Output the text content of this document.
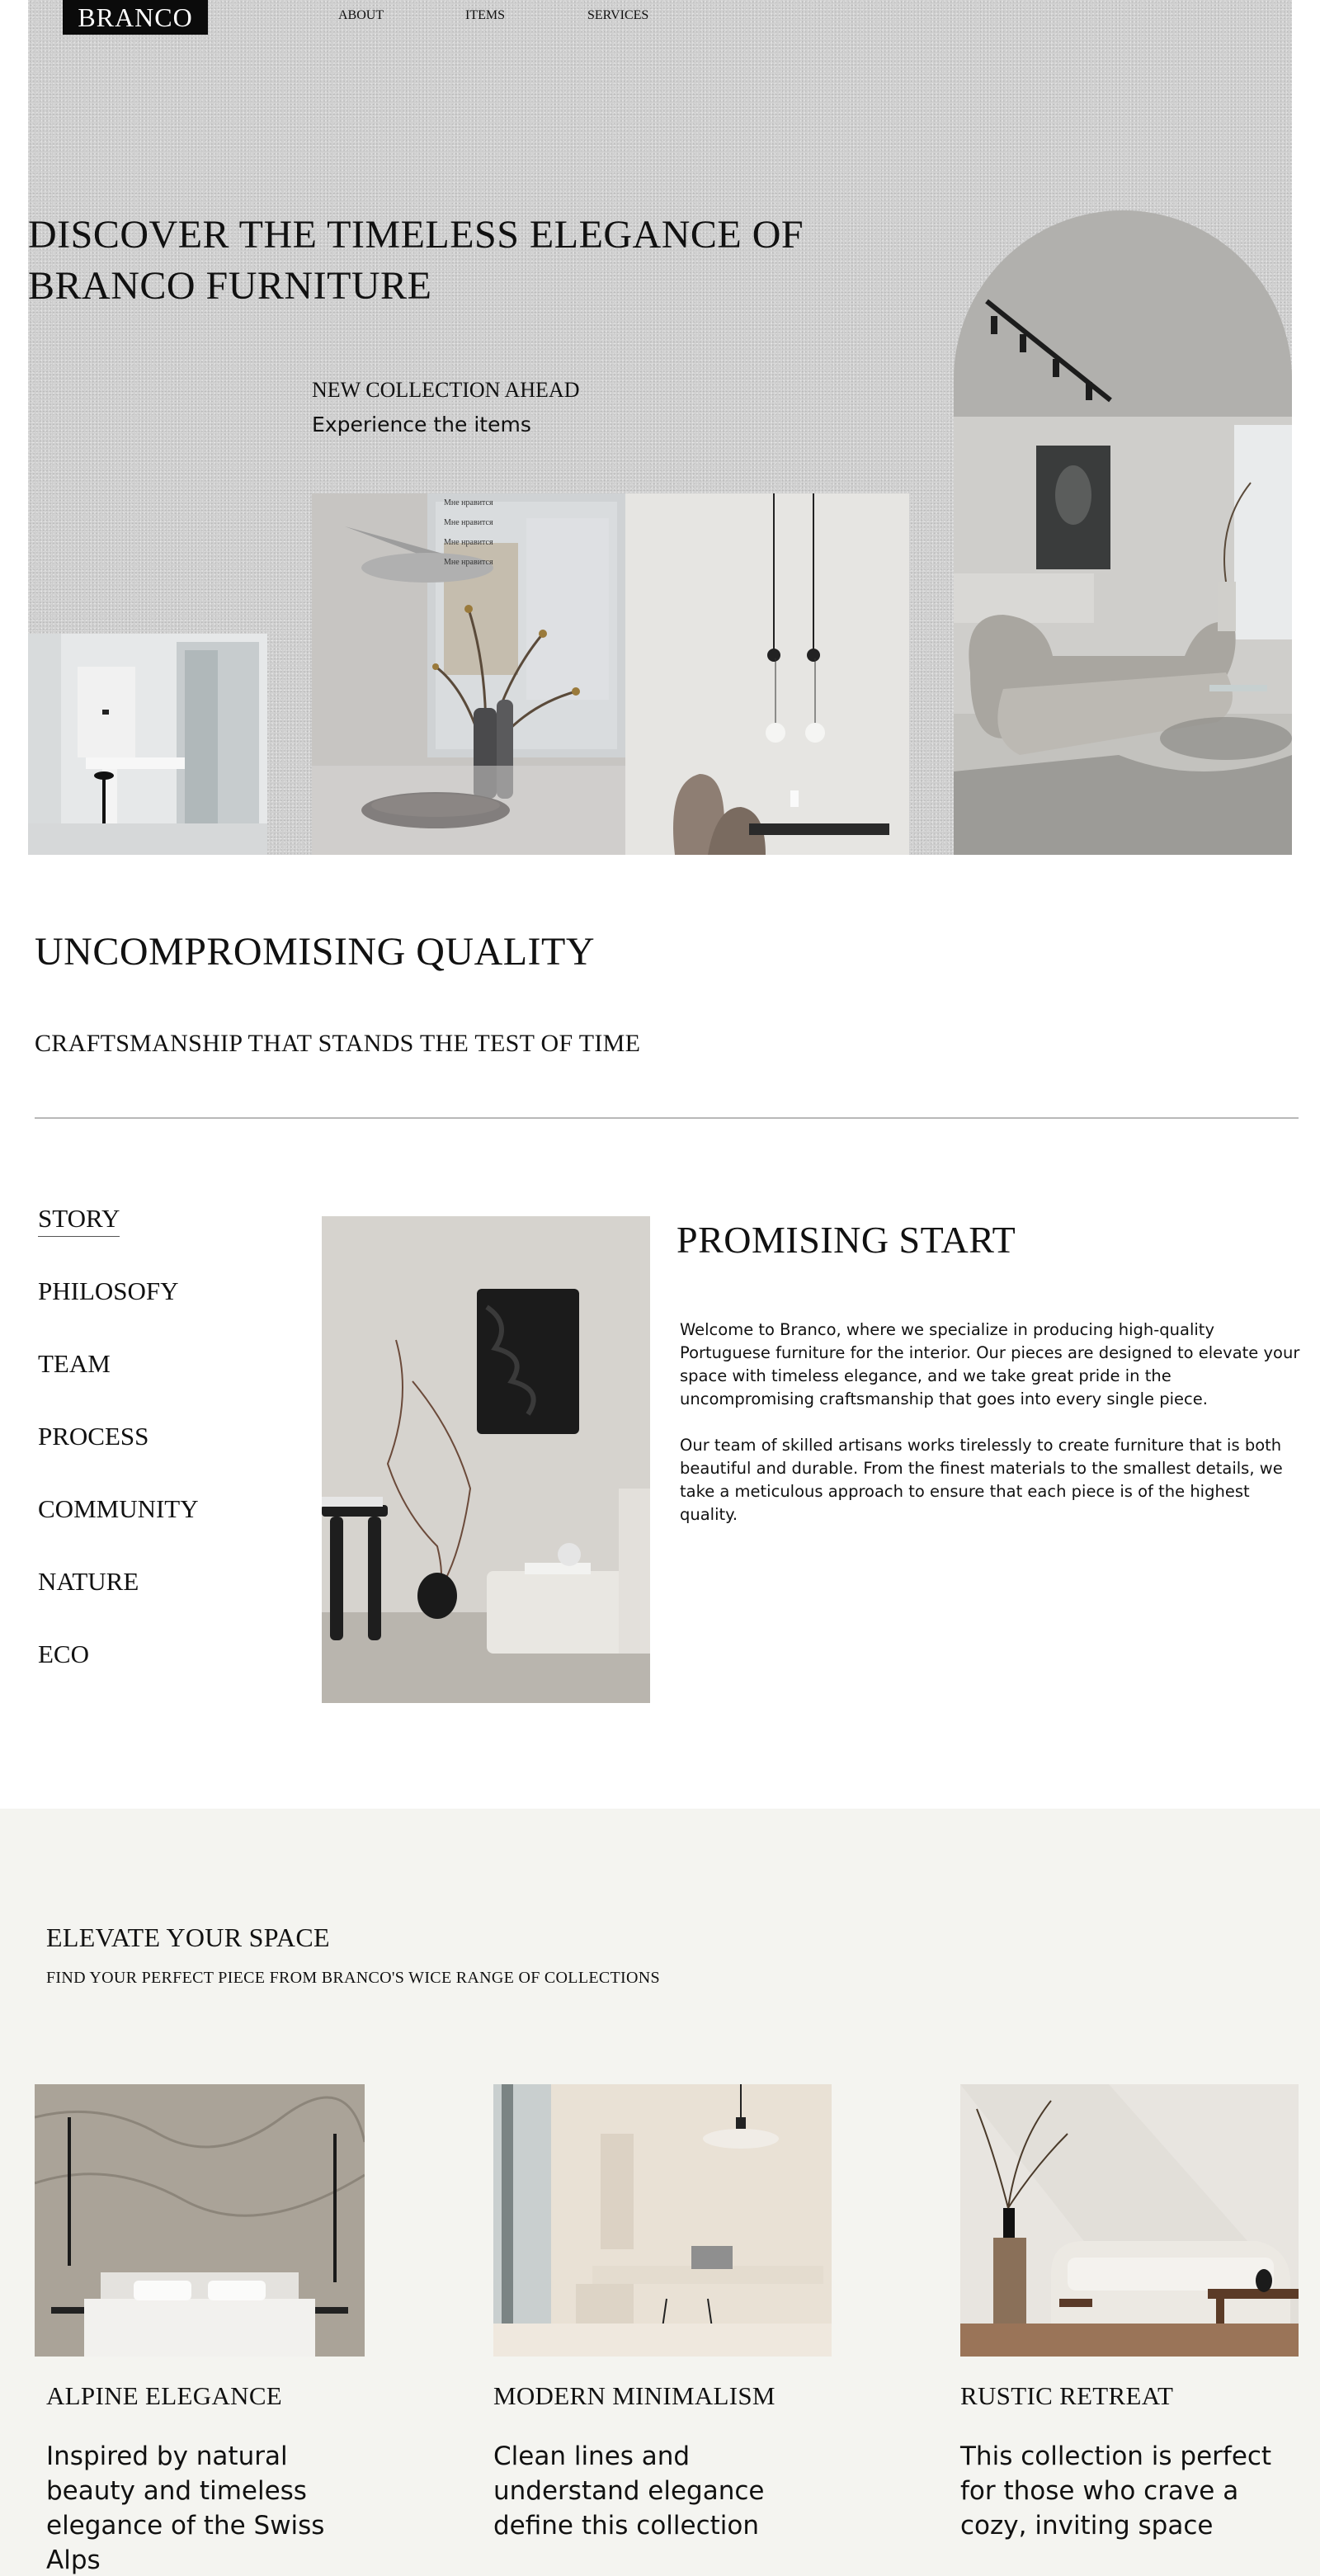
BRANCO	ABOUT	ITEMS	SERVICES
DISCOVER THE TIMELESS ELEGANCE OF BRANCO FURNITURE
NEW COLLECTION AHEAD
Experience the items
Мне нравится
Мне нравится
Мне нравится
Мне нравится
UNCOMPROMISING QUALITY
CRAFTSMANSHIP THAT STANDS THE TEST OF TIME
STORY
PHILOSOFY
TEAM
PROCESS
COMMUNITY
NATURE
ECO
PROMISING START

Welcome to Branco, where we specialize in producing high-quality Portuguese furniture for the interior. Our pieces are designed to elevate your space with timeless elegance, and we take great pride in the uncompromising craftsmanship that goes into every single piece.

Our team of skilled artisans works tirelessly to create furniture that is both beautiful and durable. From the finest materials to the smallest details, we take a meticulous approach to ensure that each piece is of the highest quality.

ELEVATE YOUR SPACE
FIND YOUR PERFECT PIECE FROM BRANCO'S WICE RANGE OF COLLECTIONS
ALPINE ELEGANCE	MODERN MINIMALISM	RUSTIC RETREAT

Inspired by natural beauty and timeless elegance of the Swiss Alps

Clean lines and understand elegance define this collection

This collection is perfect for those who crave a cozy, inviting space
